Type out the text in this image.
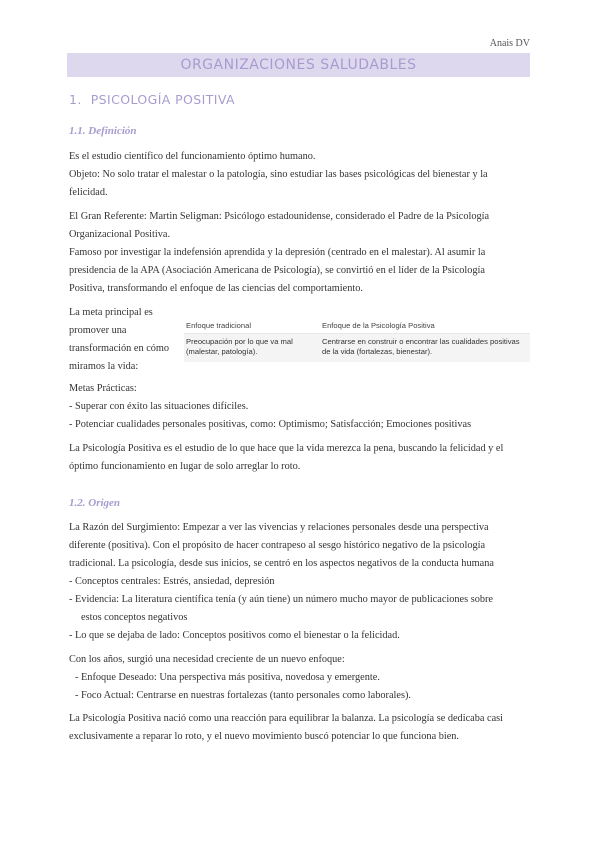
Anais DV
ORGANIZACIONES SALUDABLES
1. PSICOLOGÍA POSITIVA
1.1. Definición
Es el estudio científico del funcionamiento óptimo humano.
Objeto: No solo tratar el malestar o la patología, sino estudiar las bases psicológicas del bienestar y la
felicidad.
El Gran Referente: Martin Seligman: Psicólogo estadounidense, considerado el Padre de la Psicología
Organizacional Positiva.
Famoso por investigar la indefensión aprendida y la depresión (centrado en el malestar). Al asumir la
presidencia de la APA (Asociación Americana de Psicología), se convirtió en el líder de la Psicología
Positiva, transformando el enfoque de las ciencias del comportamiento.
La meta principal es
promover una
transformación en cómo
miramos la vida:
Enfoque tradicional	Enfoque de la Psicología Positiva
Preocupación por lo que va mal
(malestar, patología).
Centrarse en construir o encontrar las cualidades positivas
de la vida (fortalezas, bienestar).
Metas Prácticas:
- Superar con éxito las situaciones difíciles.
- Potenciar cualidades personales positivas, como: Optimismo; Satisfacción; Emociones positivas
La Psicología Positiva es el estudio de lo que hace que la vida merezca la pena, buscando la felicidad y el
óptimo funcionamiento en lugar de solo arreglar lo roto.
1.2. Origen
La Razón del Surgimiento: Empezar a ver las vivencias y relaciones personales desde una perspectiva
diferente (positiva). Con el propósito de hacer contrapeso al sesgo histórico negativo de la psicología
tradicional. La psicología, desde sus inicios, se centró en los aspectos negativos de la conducta humana
- Conceptos centrales: Estrés, ansiedad, depresión
- Evidencia: La literatura científica tenía (y aún tiene) un número mucho mayor de publicaciones sobre
estos conceptos negativos
- Lo que se dejaba de lado: Conceptos positivos como el bienestar o la felicidad.
Con los años, surgió una necesidad creciente de un nuevo enfoque:
- Enfoque Deseado: Una perspectiva más positiva, novedosa y emergente.
- Foco Actual: Centrarse en nuestras fortalezas (tanto personales como laborales).
La Psicología Positiva nació como una reacción para equilibrar la balanza. La psicología se dedicaba casi
exclusivamente a reparar lo roto, y el nuevo movimiento buscó potenciar lo que funciona bien.
